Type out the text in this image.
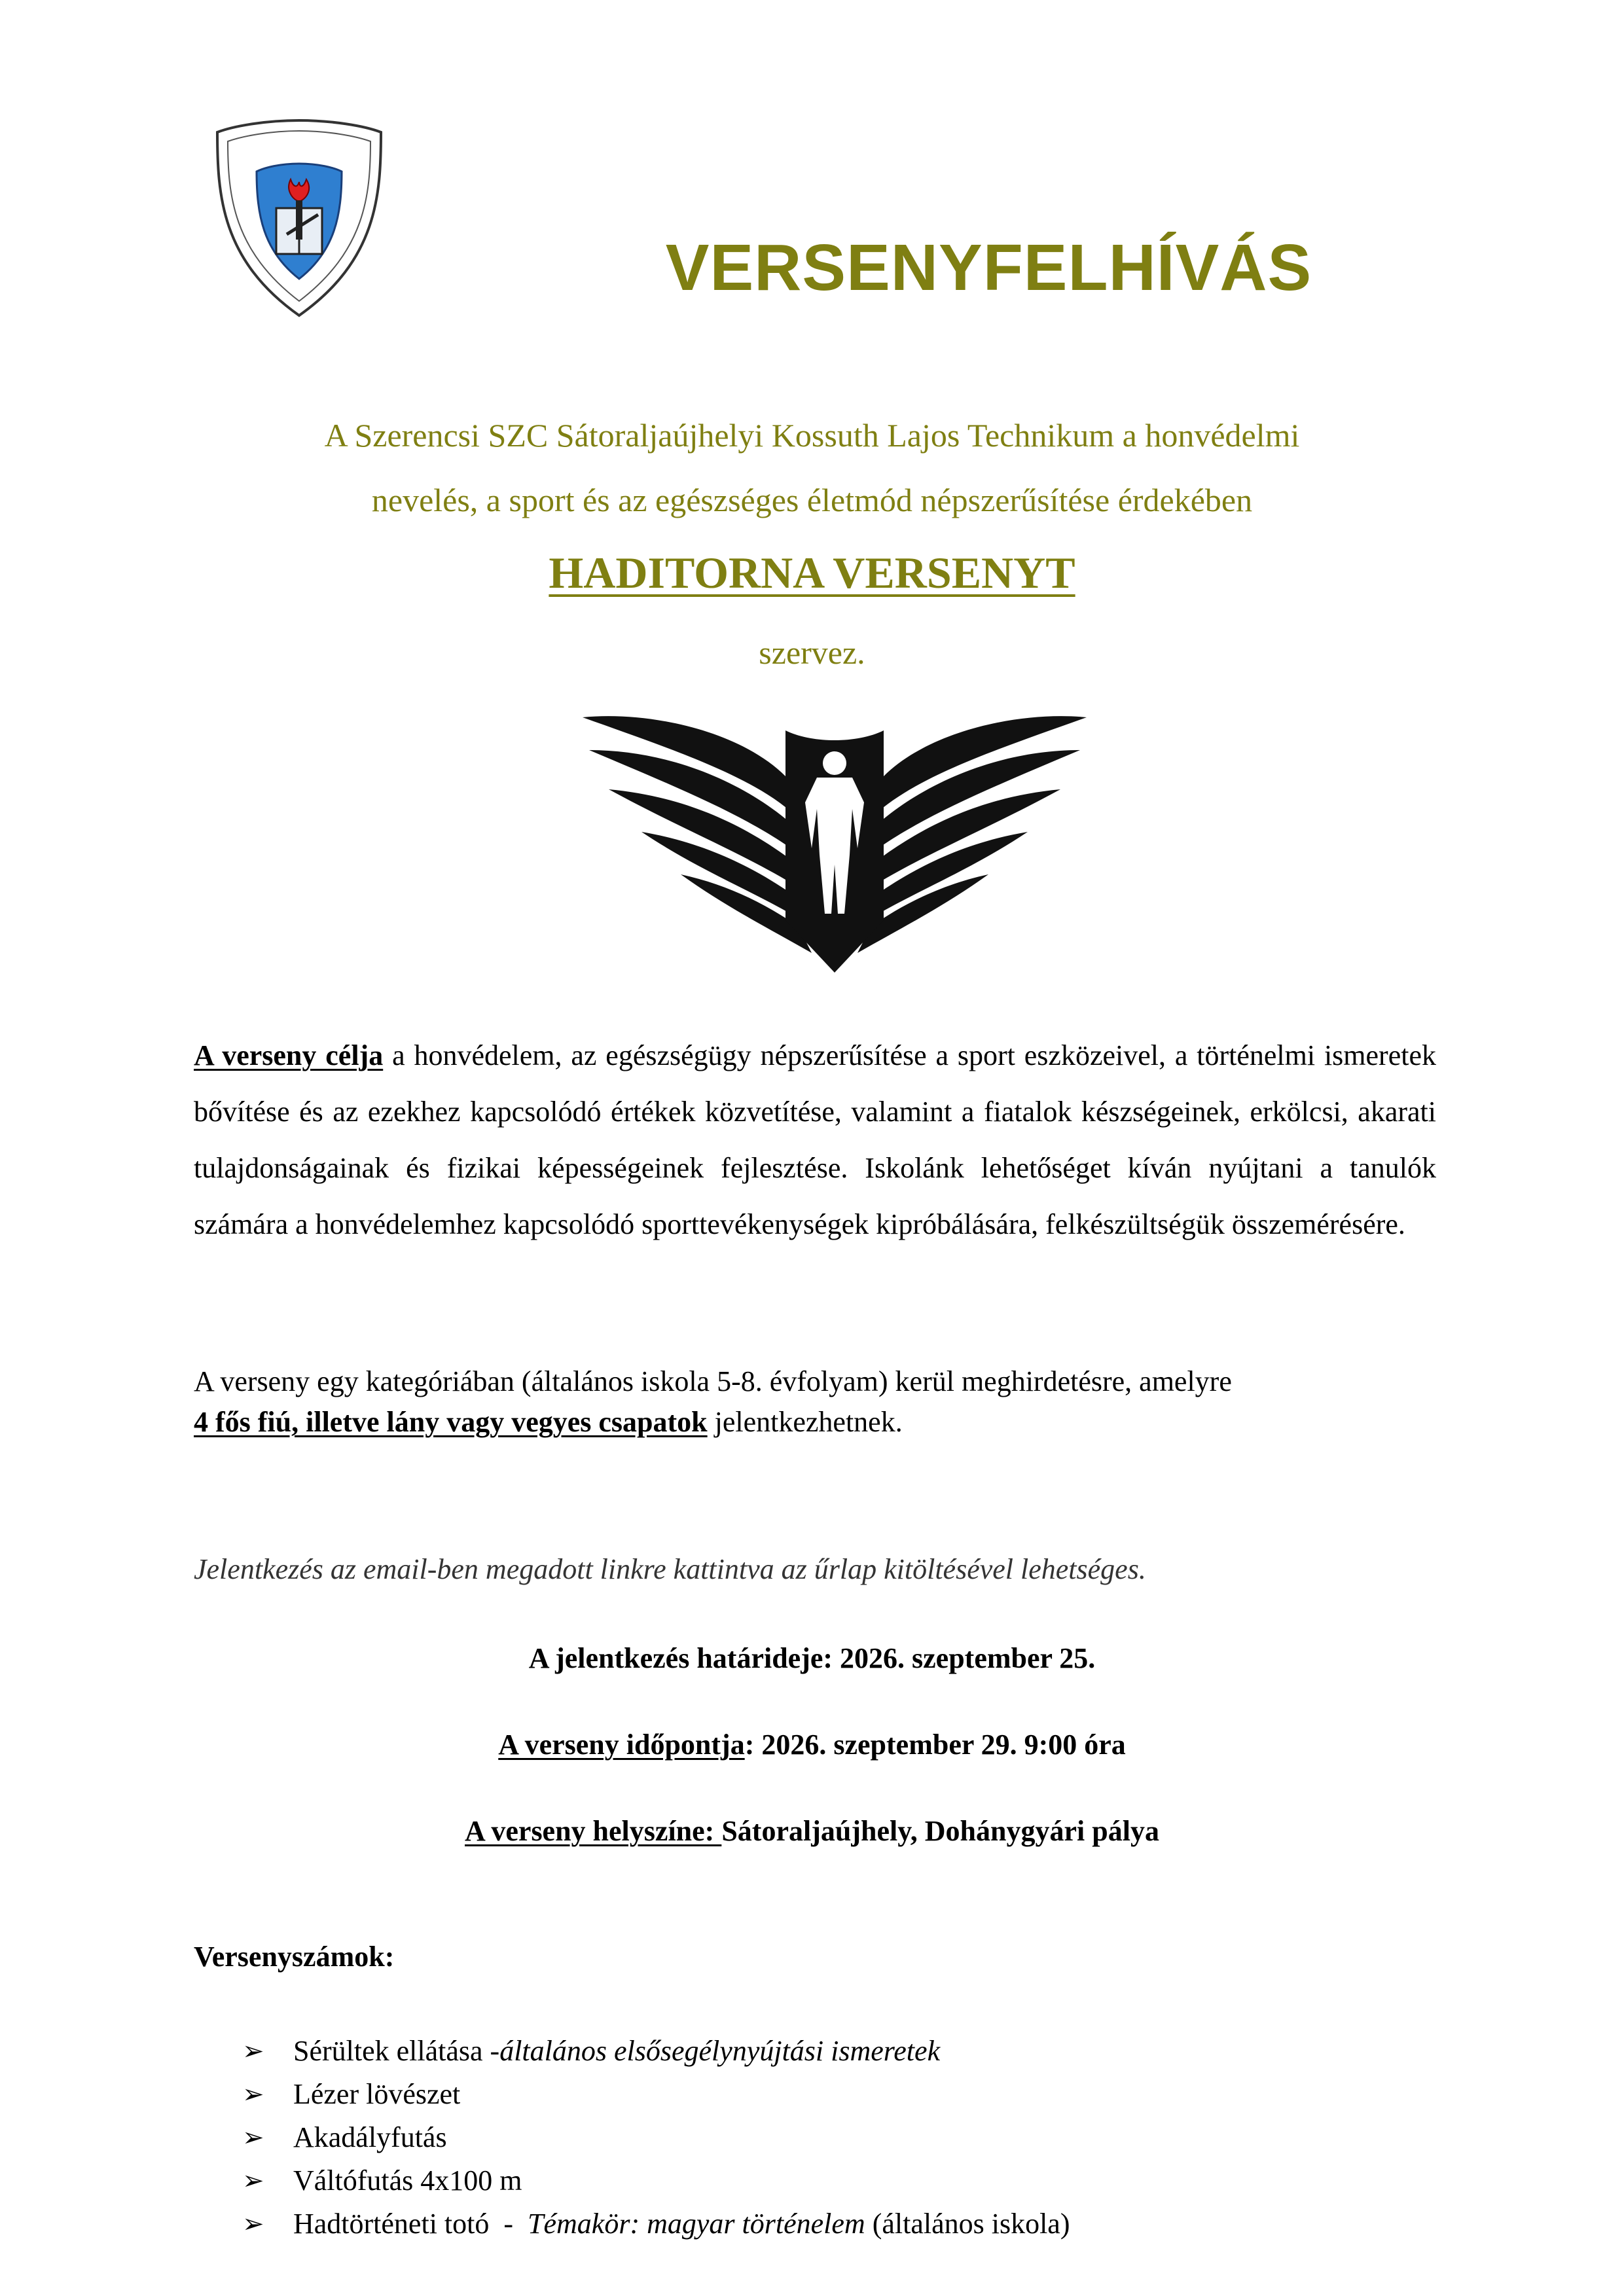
VERSENYFELHÍVÁS

A Szerencsi SZC Sátoraljaújhelyi Kossuth Lajos Technikum a honvédelmi

nevelés, a sport és az egészséges életmód népszerűsítése érdekében

HADITORNA VERSENYT

szervez.

A verseny célja a honvédelem, az egészségügy népszerűsítése a sport eszközeivel, a történelmi ismeretek bővítése és az ezekhez kapcsolódó értékek közvetítése, valamint a fiatalok készségeinek, erkölcsi, akarati tulajdonságainak és fizikai képességeinek fejlesztése. Iskolánk lehetőséget kíván nyújtani a tanulók számára a honvédelemhez kapcsolódó sporttevékenységek kipróbálására, felkészültségük összemérésére.

A verseny egy kategóriában (általános iskola 5-8. évfolyam) kerül meghirdetésre, amelyre
4 fős fiú, illetve lány vagy vegyes csapatok jelentkezhetnek.

Jelentkezés az email-ben megadott linkre kattintva az űrlap kitöltésével lehetséges.

A jelentkezés határideje: 2026. szeptember 25.

A verseny időpontja: 2026. szeptember 29. 9:00 óra

A verseny helyszíne: Sátoraljaújhely, Dohánygyári pálya

Versenyszámok:

➢	Sérültek ellátása - általános elsősegélynyújtási ismeretek
➢	Lézer lövészet
➢	Akadályfutás
➢	Váltófutás 4x100 m
➢	Hadtörténeti totó  - Témakör: magyar történelem (általános iskola)
